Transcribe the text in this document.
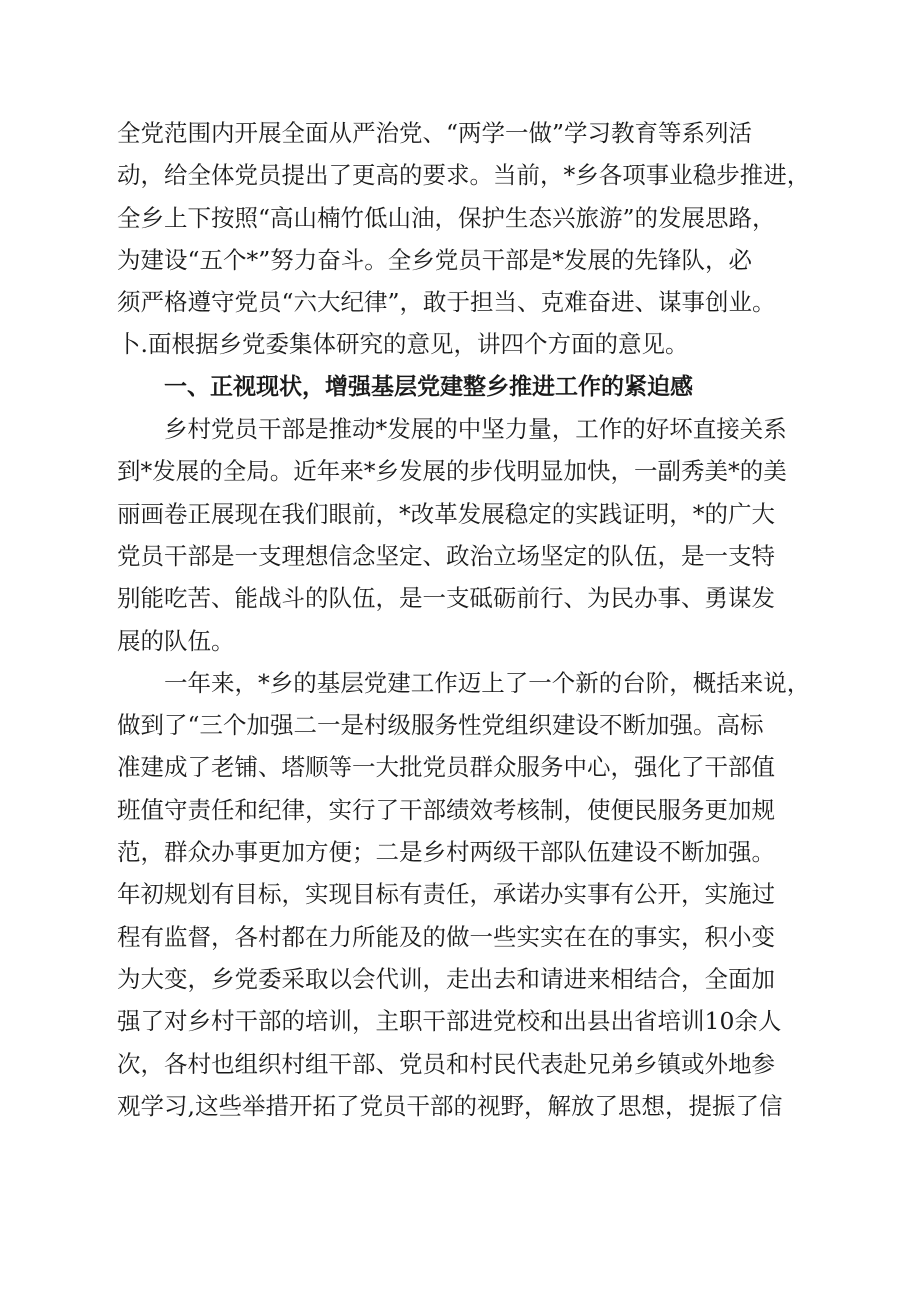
全党范围内开展全面从严治党、“两学一做”学习教育等系列活
动，给全体党员提出了更高的要求。当前，*乡各项事业稳步推进，
全乡上下按照“高山楠竹低山油，保护生态兴旅游”的发展思路，
为建设“五个*”努力奋斗。全乡党员干部是*发展的先锋队，必
须严格遵守党员“六大纪律”，敢于担当、克难奋进、谋事创业。
卜.面根据乡党委集体研究的意见，讲四个方面的意见。
一、正视现状，增强基层党建整乡推进工作的紧迫感
乡村党员干部是推动*发展的中坚力量，工作的好坏直接关系
到*发展的全局。近年来*乡发展的步伐明显加快，一副秀美*的美
丽画卷正展现在我们眼前，*改革发展稳定的实践证明，*的广大
党员干部是一支理想信念坚定、政治立场坚定的队伍，是一支特
别能吃苦、能战斗的队伍，是一支砥砺前行、为民办事、勇谋发
展的队伍。
一年来，*乡的基层党建工作迈上了一个新的台阶，概括来说，
做到了“三个加强二一是村级服务性党组织建设不断加强。高标
准建成了老铺、塔顺等一大批党员群众服务中心，强化了干部值
班值守责任和纪律，实行了干部绩效考核制，使便民服务更加规
范，群众办事更加方便；二是乡村两级干部队伍建设不断加强。
年初规划有目标，实现目标有责任，承诺办实事有公开，实施过
程有监督，各村都在力所能及的做一些实实在在的事实，积小变
为大变，乡党委采取以会代训，走出去和请进来相结合，全面加
强了对乡村干部的培训，主职干部进党校和出县出省培训10余人
次，各村也组织村组干部、党员和村民代表赴兄弟乡镇或外地参
观学习,这些举措开拓了党员干部的视野，解放了思想，提振了信
